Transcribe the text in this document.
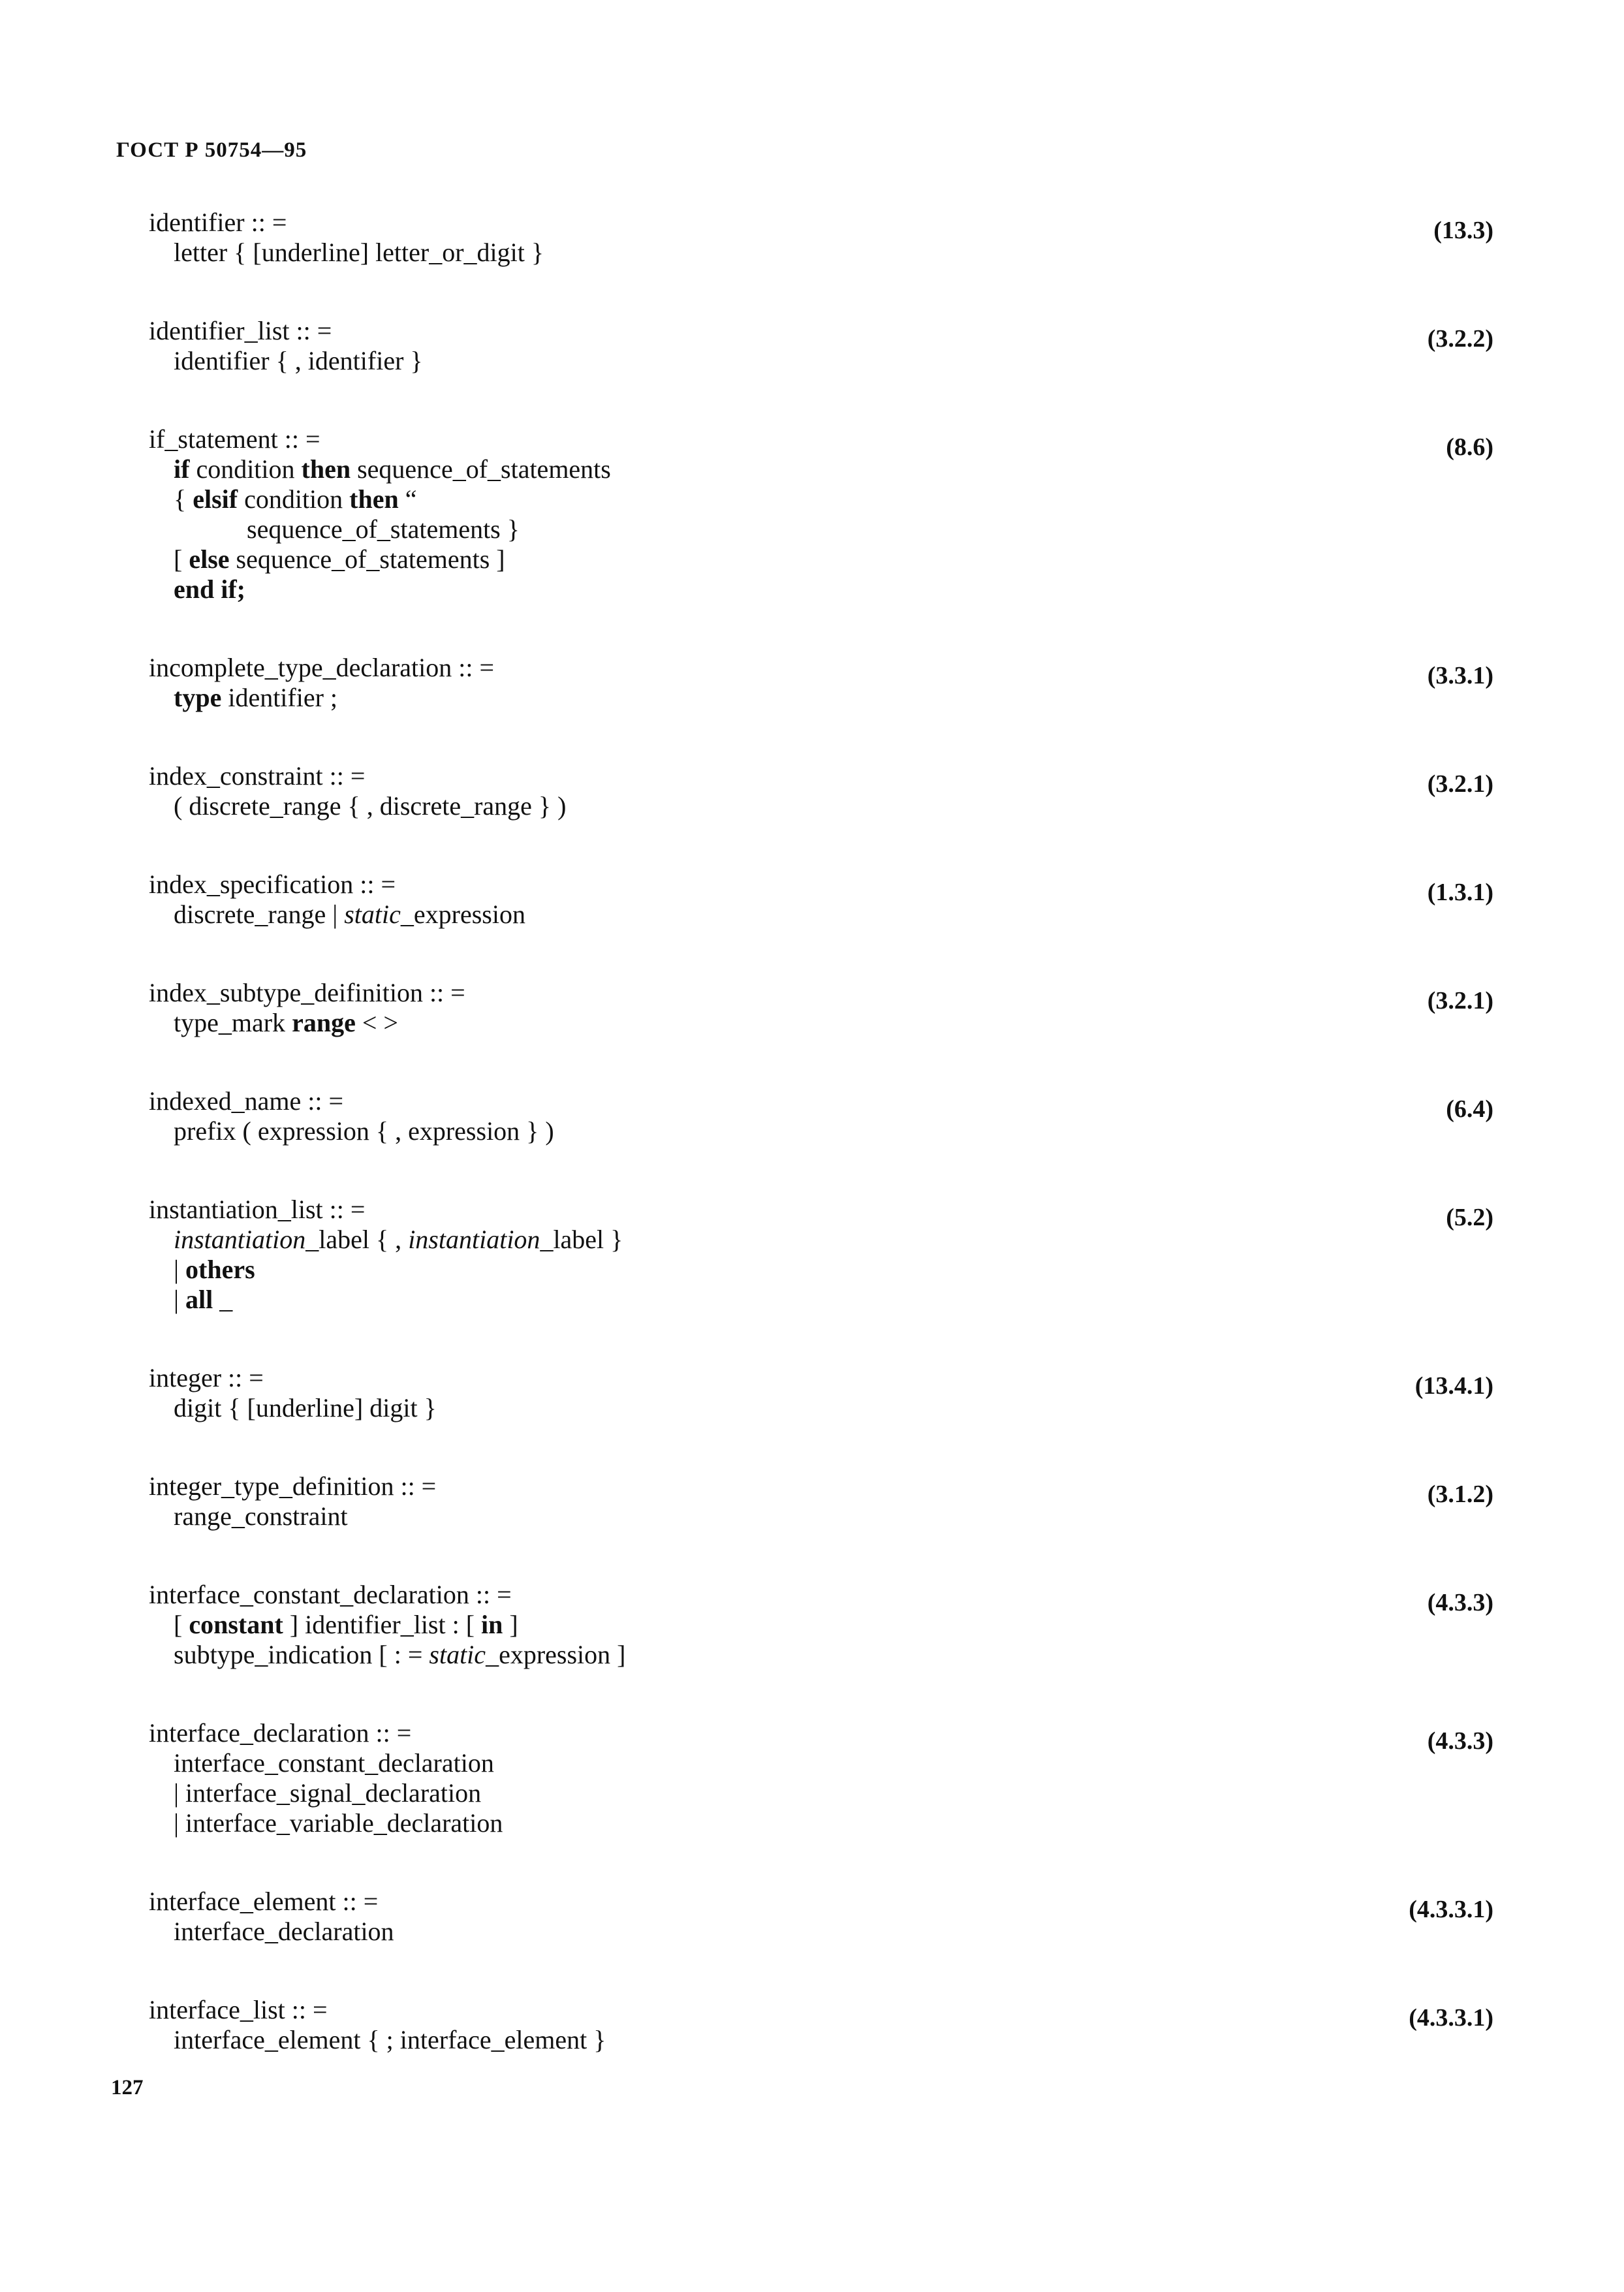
ГОСТ Р 50754—95
identifier :: =	(13.3)
letter { [underline] letter_or_digit }
identifier_list :: =	(3.2.2)
identifier { , identifier }
if_statement :: =	(8.6)
if condition then sequence_of_statements
{ elsif condition then “
sequence_of_statements }
[ else sequence_of_statements ]
end if;
incomplete_type_declaration :: =	(3.3.1)
type identifier ;
index_constraint :: =	(3.2.1)
( discrete_range { , discrete_range } )
index_specification :: =	(1.3.1)
discrete_range | static_expression
index_subtype_deifinition :: =	(3.2.1)
type_mark range < >
indexed_name :: =	(6.4)
prefix ( expression { , expression } )
instantiation_list :: =	(5.2)
instantiation_label { , instantiation_label }
| others
| all _
integer :: =	(13.4.1)
digit { [underline] digit }
integer_type_definition :: =	(3.1.2)
range_constraint
interface_constant_declaration :: =	(4.3.3)
[ constant ] identifier_list : [ in ]
subtype_indication [ : = static_expression ]
interface_declaration :: =	(4.3.3)
interface_constant_declaration
| interface_signal_declaration
| interface_variable_declaration
interface_element :: =	(4.3.3.1)
interface_declaration
interface_list :: =	(4.3.3.1)
interface_element { ; interface_element }
127
